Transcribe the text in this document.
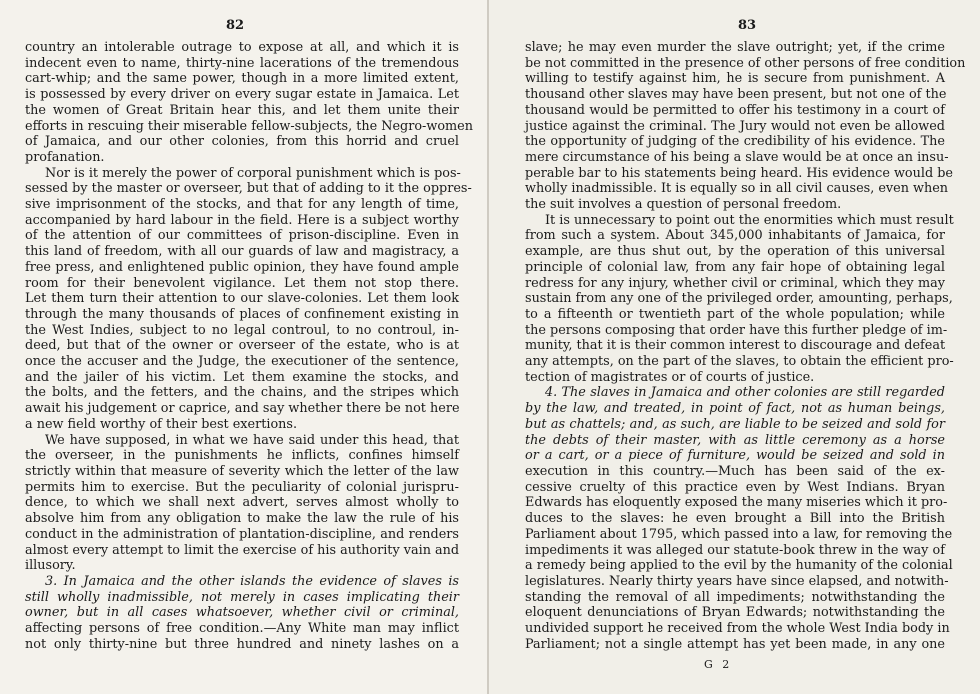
82
country an intolerable outrage to expose at all, and which it is
indecent even to name, thirty-nine lacerations of the tremendous
cart-whip; and the same power, though in a more limited extent,
is possessed by every driver on every sugar estate in Jamaica. Let
the women of Great Britain hear this, and let them unite their
efforts in rescuing their miserable fellow-subjects, the Negro-women
of Jamaica, and our other colonies, from this horrid and cruel
profanation.
Nor is it merely the power of corporal punishment which is pos-
sessed by the master or overseer, but that of adding to it the oppres-
sive imprisonment of the stocks, and that for any length of time,
accompanied by hard labour in the field. Here is a subject worthy
of the attention of our committees of prison-discipline. Even in
this land of freedom, with all our guards of law and magistracy, a
free press, and enlightened public opinion, they have found ample
room for their benevolent vigilance. Let them not stop there.
Let them turn their attention to our slave-colonies. Let them look
through the many thousands of places of confinement existing in
the West Indies, subject to no legal controul, to no controul, in-
deed, but that of the owner or overseer of the estate, who is at
once the accuser and the Judge, the executioner of the sentence,
and the jailer of his victim. Let them examine the stocks, and
the bolts, and the fetters, and the chains, and the stripes which
await his judgement or caprice, and say whether there be not here
a new field worthy of their best exertions.
We have supposed, in what we have said under this head, that
the overseer, in the punishments he inflicts, confines himself
strictly within that measure of severity which the letter of the law
permits him to exercise. But the peculiarity of colonial jurispru-
dence, to which we shall next advert, serves almost wholly to
absolve him from any obligation to make the law the rule of his
conduct in the administration of plantation-discipline, and renders
almost every attempt to limit the exercise of his authority vain and
illusory.
3. In Jamaica and the other islands the evidence of slaves is
still wholly inadmissible, not merely in cases implicating their
owner, but in all cases whatsoever, whether civil or criminal,
affecting persons of free condition.—Any White man may inflict
not only thirty-nine but three hundred and ninety lashes on a
83
slave; he may even murder the slave outright; yet, if the crime
be not committed in the presence of other persons of free condition
willing to testify against him, he is secure from punishment. A
thousand other slaves may have been present, but not one of the
thousand would be permitted to offer his testimony in a court of
justice against the criminal. The Jury would not even be allowed
the opportunity of judging of the credibility of his evidence. The
mere circumstance of his being a slave would be at once an insu-
perable bar to his statements being heard. His evidence would be
wholly inadmissible. It is equally so in all civil causes, even when
the suit involves a question of personal freedom.
It is unnecessary to point out the enormities which must result
from such a system. About 345,000 inhabitants of Jamaica, for
example, are thus shut out, by the operation of this universal
principle of colonial law, from any fair hope of obtaining legal
redress for any injury, whether civil or criminal, which they may
sustain from any one of the privileged order, amounting, perhaps,
to a fifteenth or twentieth part of the whole population; while
the persons composing that order have this further pledge of im-
munity, that it is their common interest to discourage and defeat
any attempts, on the part of the slaves, to obtain the efficient pro-
tection of magistrates or of courts of justice.
4. The slaves in Jamaica and other colonies are still regarded
by the law, and treated, in point of fact, not as human beings,
but as chattels; and, as such, are liable to be seized and sold for
the debts of their master, with as little ceremony as a horse
or a cart, or a piece of furniture, would be seized and sold in
execution in this country.—Much has been said of the ex-
cessive cruelty of this practice even by West Indians. Bryan
Edwards has eloquently exposed the many miseries which it pro-
duces to the slaves: he even brought a Bill into the British
Parliament about 1795, which passed into a law, for removing the
impediments it was alleged our statute-book threw in the way of
a remedy being applied to the evil by the humanity of the colonial
legislatures. Nearly thirty years have since elapsed, and notwith-
standing the removal of all impediments; notwithstanding the
eloquent denunciations of Bryan Edwards; notwithstanding the
undivided support he received from the whole West India body in
Parliament; not a single attempt has yet been made, in any one
G 2
